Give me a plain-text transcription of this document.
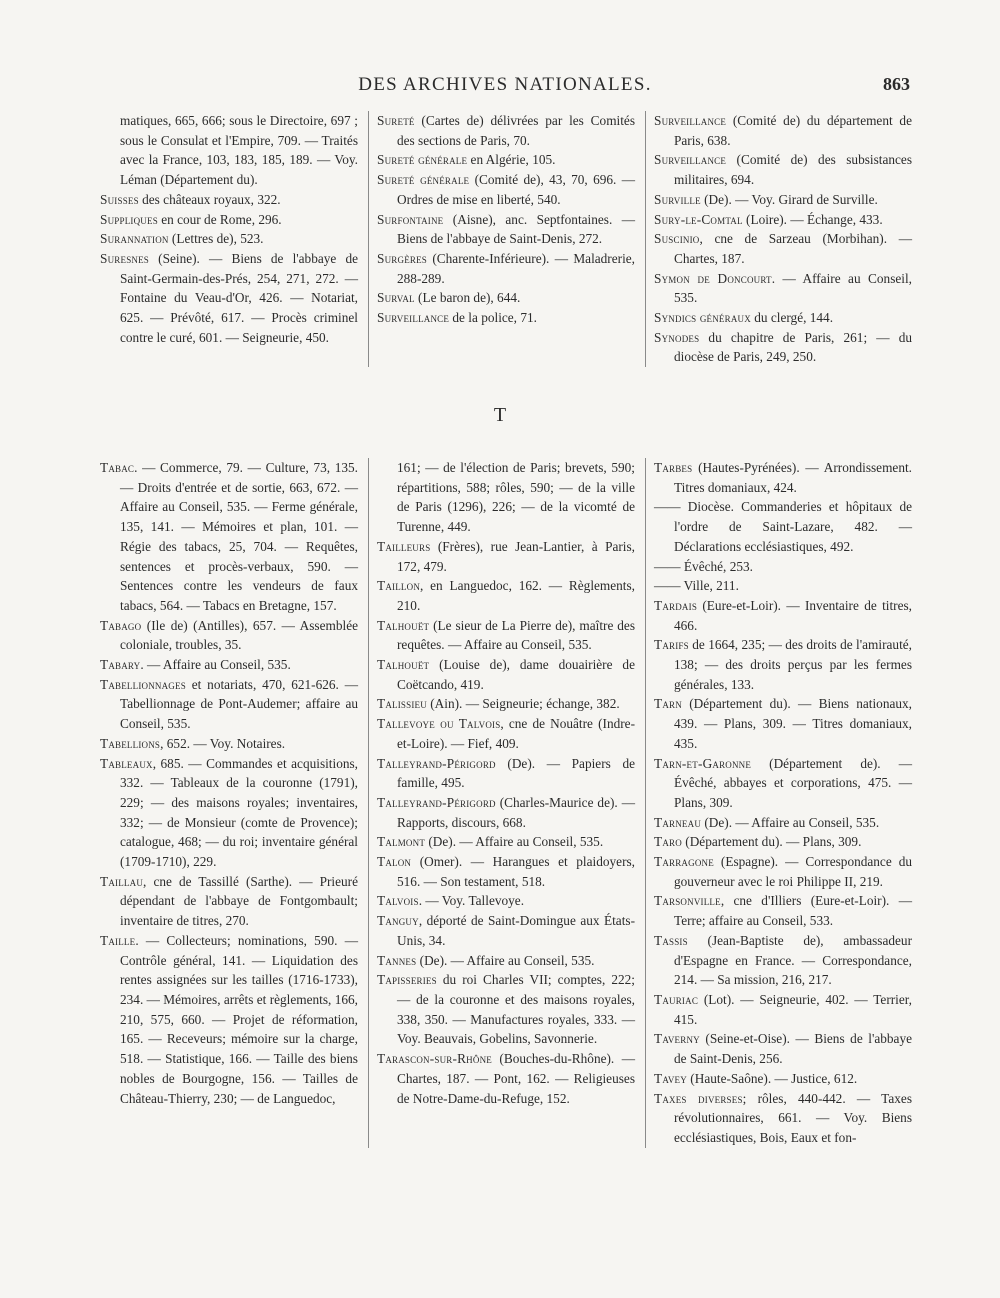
DES ARCHIVES NATIONALES.	863

matiques, 665, 666; sous le Directoire, 697 ; sous le Consulat et l'Empire, 709. — Traités avec la France, 103, 183, 185, 189. — Voy. Léman (Département du).

Suisses des châteaux royaux, 322.

Suppliques en cour de Rome, 296.

Surannation (Lettres de), 523.

Suresnes (Seine). — Biens de l'abbaye de Saint-Germain-des-Prés, 254, 271, 272. — Fontaine du Veau-d'Or, 426. — Notariat, 625. — Prévôté, 617. — Procès criminel contre le curé, 601. — Seigneurie, 450.

Sureté (Cartes de) délivrées par les Comités des sections de Paris, 70.

Sureté générale en Algérie, 105.

Sureté générale (Comité de), 43, 70, 696. — Ordres de mise en liberté, 540.

Surfontaine (Aisne), anc. Septfontaines. — Biens de l'abbaye de Saint-Denis, 272.

Surgères (Charente-Inférieure). — Maladrerie, 288-289.

Surval (Le baron de), 644.

Surveillance de la police, 71.

Surveillance (Comité de) du département de Paris, 638.

Surveillance (Comité de) des subsistances militaires, 694.

Surville (De). — Voy. Girard de Surville.

Sury-le-Comtal (Loire). — Échange, 433.

Suscinio, cne de Sarzeau (Morbihan). — Chartes, 187.

Symon de Doncourt. — Affaire au Conseil, 535.

Syndics généraux du clergé, 144.

Synodes du chapitre de Paris, 261; — du diocèse de Paris, 249, 250.

T

Tabac. — Commerce, 79. — Culture, 73, 135. — Droits d'entrée et de sortie, 663, 672. — Affaire au Conseil, 535. — Ferme générale, 135, 141. — Mémoires et plan, 101. — Régie des tabacs, 25, 704. — Requêtes, sentences et procès-verbaux, 590. — Sentences contre les vendeurs de faux tabacs, 564. — Tabacs en Bretagne, 157.

Tabago (Ile de) (Antilles), 657. — Assemblée coloniale, troubles, 35.

Tabary. — Affaire au Conseil, 535.

Tabellionnages et notariats, 470, 621-626. — Tabellionnage de Pont-Audemer; affaire au Conseil, 535.

Tabellions, 652. — Voy. Notaires.

Tableaux, 685. — Commandes et acquisitions, 332. — Tableaux de la couronne (1791), 229; — des maisons royales; inventaires, 332; — de Monsieur (comte de Provence); catalogue, 468; — du roi; inventaire général (1709-1710), 229.

Taillau, cne de Tassillé (Sarthe). — Prieuré dépendant de l'abbaye de Fontgombault; inventaire de titres, 270.

Taille. — Collecteurs; nominations, 590. — Contrôle général, 141. — Liquidation des rentes assignées sur les tailles (1716-1733), 234. — Mémoires, arrêts et règlements, 166, 210, 575, 660. — Projet de réformation, 165. — Receveurs; mémoire sur la charge, 518. — Statistique, 166. — Taille des biens nobles de Bourgogne, 156. — Tailles de Château-Thierry, 230; — de Languedoc,

161; — de l'élection de Paris; brevets, 590; répartitions, 588; rôles, 590; — de la ville de Paris (1296), 226; — de la vicomté de Turenne, 449.

Tailleurs (Frères), rue Jean-Lantier, à Paris, 172, 479.

Taillon, en Languedoc, 162. — Règlements, 210.

Talhouët (Le sieur de La Pierre de), maître des requêtes. — Affaire au Conseil, 535.

Talhouët (Louise de), dame douairière de Coëtcando, 419.

Talissieu (Ain). — Seigneurie; échange, 382.

Tallevoye ou Talvois, cne de Nouâtre (Indre-et-Loire). — Fief, 409.

Talleyrand-Périgord (De). — Papiers de famille, 495.

Talleyrand-Périgord (Charles-Maurice de). — Rapports, discours, 668.

Talmont (De). — Affaire au Conseil, 535.

Talon (Omer). — Harangues et plaidoyers, 516. — Son testament, 518.

Talvois. — Voy. Tallevoye.

Tanguy, déporté de Saint-Domingue aux États-Unis, 34.

Tannes (De). — Affaire au Conseil, 535.

Tapisseries du roi Charles VII; comptes, 222; — de la couronne et des maisons royales, 338, 350. — Manufactures royales, 333. — Voy. Beauvais, Gobelins, Savonnerie.

Tarascon-sur-Rhône (Bouches-du-Rhône). — Chartes, 187. — Pont, 162. — Religieuses de Notre-Dame-du-Refuge, 152.

Tarbes (Hautes-Pyrénées). — Arrondissement. Titres domaniaux, 424.

—— Diocèse. Commanderies et hôpitaux de l'ordre de Saint-Lazare, 482. — Déclarations ecclésiastiques, 492.

—— Évêché, 253.

—— Ville, 211.

Tardais (Eure-et-Loir). — Inventaire de titres, 466.

Tarifs de 1664, 235; — des droits de l'amirauté, 138; — des droits perçus par les fermes générales, 133.

Tarn (Département du). — Biens nationaux, 439. — Plans, 309. — Titres domaniaux, 435.

Tarn-et-Garonne (Département de). — Évêché, abbayes et corporations, 475. — Plans, 309.

Tarneau (De). — Affaire au Conseil, 535.

Taro (Département du). — Plans, 309.

Tarragone (Espagne). — Correspondance du gouverneur avec le roi Philippe II, 219.

Tarsonville, cne d'Illiers (Eure-et-Loir). — Terre; affaire au Conseil, 533.

Tassis (Jean-Baptiste de), ambassadeur d'Espagne en France. — Correspondance, 214. — Sa mission, 216, 217.

Tauriac (Lot). — Seigneurie, 402. — Terrier, 415.

Taverny (Seine-et-Oise). — Biens de l'abbaye de Saint-Denis, 256.

Tavey (Haute-Saône). — Justice, 612.

Taxes diverses; rôles, 440-442. — Taxes révolutionnaires, 661. — Voy. Biens ecclésiastiques, Bois, Eaux et fon-
